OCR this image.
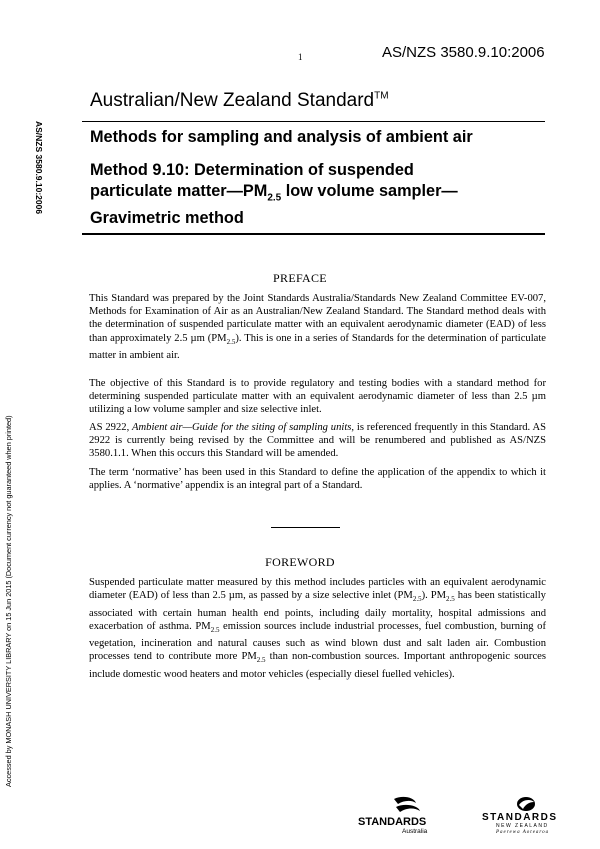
1	AS/NZS 3580.9.10:2006
Australian/New Zealand Standard™
AS/NZS 3580.9.10:2006	Methods for sampling and analysis of ambient air
Method 9.10: Determination of suspended
particulate $matter—PM_{2.5}$ low volume sampler—
Gravimetric method
PREFACE
This Standard was prepared by the Joint Standards Australia/Standards New Zealand Committee EV-007, Methods for Examination of Air as an Australian/New Zealand Standard. The Standard method deals with the determination of suspended particulate matter with an equivalent aerodynamic diameter (EAD) of less than approximately 2.5 µm $(PM_{2.5})$. This is one in a series of Standards for the determination of particulate matter in ambient air.
The objective of this Standard is to provide regulatory and testing bodies with a standard method for determining suspended particulate matter with an equivalent aerodynamic diameter of less than 2.5 µm utilizing a low volume sampler and size selective inlet.
AS 2922, Ambient air—Guide for the siting of sampling units, is referenced frequently in this Standard. AS 2922 is currently being revised by the Committee and will be renumbered and published as AS/NZS 3580.1.1. When this occurs this Standard will be amended.
The term ‘normative’ has been used in this Standard to define the application of the appendix to which it applies. A ‘normative’ appendix is an integral part of a Standard.
FOREWORD
Suspended particulate matter measured by this method includes particles with an equivalent aerodynamic diameter (EAD) of less than 2.5 µm, as passed by a size selective inlet $(PM_{2.5})$. $PM_{2.5}$ has been statistically associated with certain human health end points, including daily mortality, hospital admissions and exacerbation of asthma. $PM_{2.5}$ emission sources include industrial processes, fuel combustion, burning of vegetation, incineration and natural causes such as wind blown dust and salt laden air. Combustion processes tend to contribute more $PM_{2.5}$ than non-combustion sources. Important anthropogenic sources include domestic wood heaters and motor vehicles (especially diesel fuelled vehicles).
Accessed by MONASH UNIVERSITY LIBRARY on 15 Jun 2015 (Document currency not guaranteed when printed)
STANDARDS
Australia
STANDARDS
NEW ZEALAND
Paerewa Aotearoa
